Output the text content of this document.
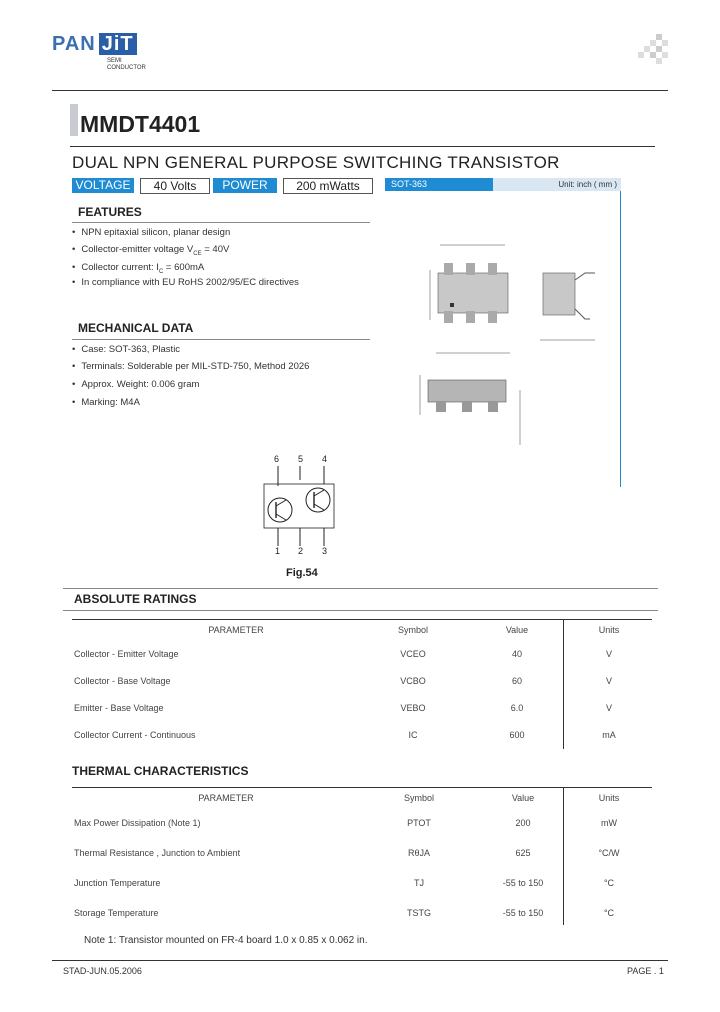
PAN JiT
SEMI
CONDUCTOR
MMDT4401
DUAL NPN GENERAL PURPOSE SWITCHING TRANSISTOR
VOLTAGE	40 Volts	POWER	200 mWatts	SOT-363	Unit: inch ( mm )
FEATURES
• NPN epitaxial silicon, planar design
• Collector-emitter voltage $V_{CE} = 40V$
• Collector current: $I_C = 600mA$
• In compliance with EU RoHS 2002/95/EC directives
MECHANICAL DATA
• Case: SOT-363, Plastic
• Terminals: Solderable per MIL-STD-750, Method 2026
• Approx. Weight: 0.006 gram
• Marking: M4A
6 5 4
1 2 3
Fig.54
ABSOLUTE RATINGS
PARAMETER	Symbol	Value	Units
Collector - Emitter Voltage	VCEO	40	V
Collector - Base Voltage	VCBO	60	V
Emitter - Base Voltage	VEBO	6.0	V
Collector Current - Continuous	IC	600	mA
THERMAL CHARACTERISTICS
PARAMETER	Symbol	Value	Units
Max Power Dissipation (Note 1)	PTOT	200	mW
Thermal Resistance , Junction to Ambient	RθJA	625	°C/W
Junction Temperature	TJ	-55 to 150	°C
Storage Temperature	TSTG	-55 to 150	°C
Note 1: Transistor mounted on FR-4 board 1.0 x 0.85 x 0.062 in.
STAD-JUN.05.2006	PAGE . 1
